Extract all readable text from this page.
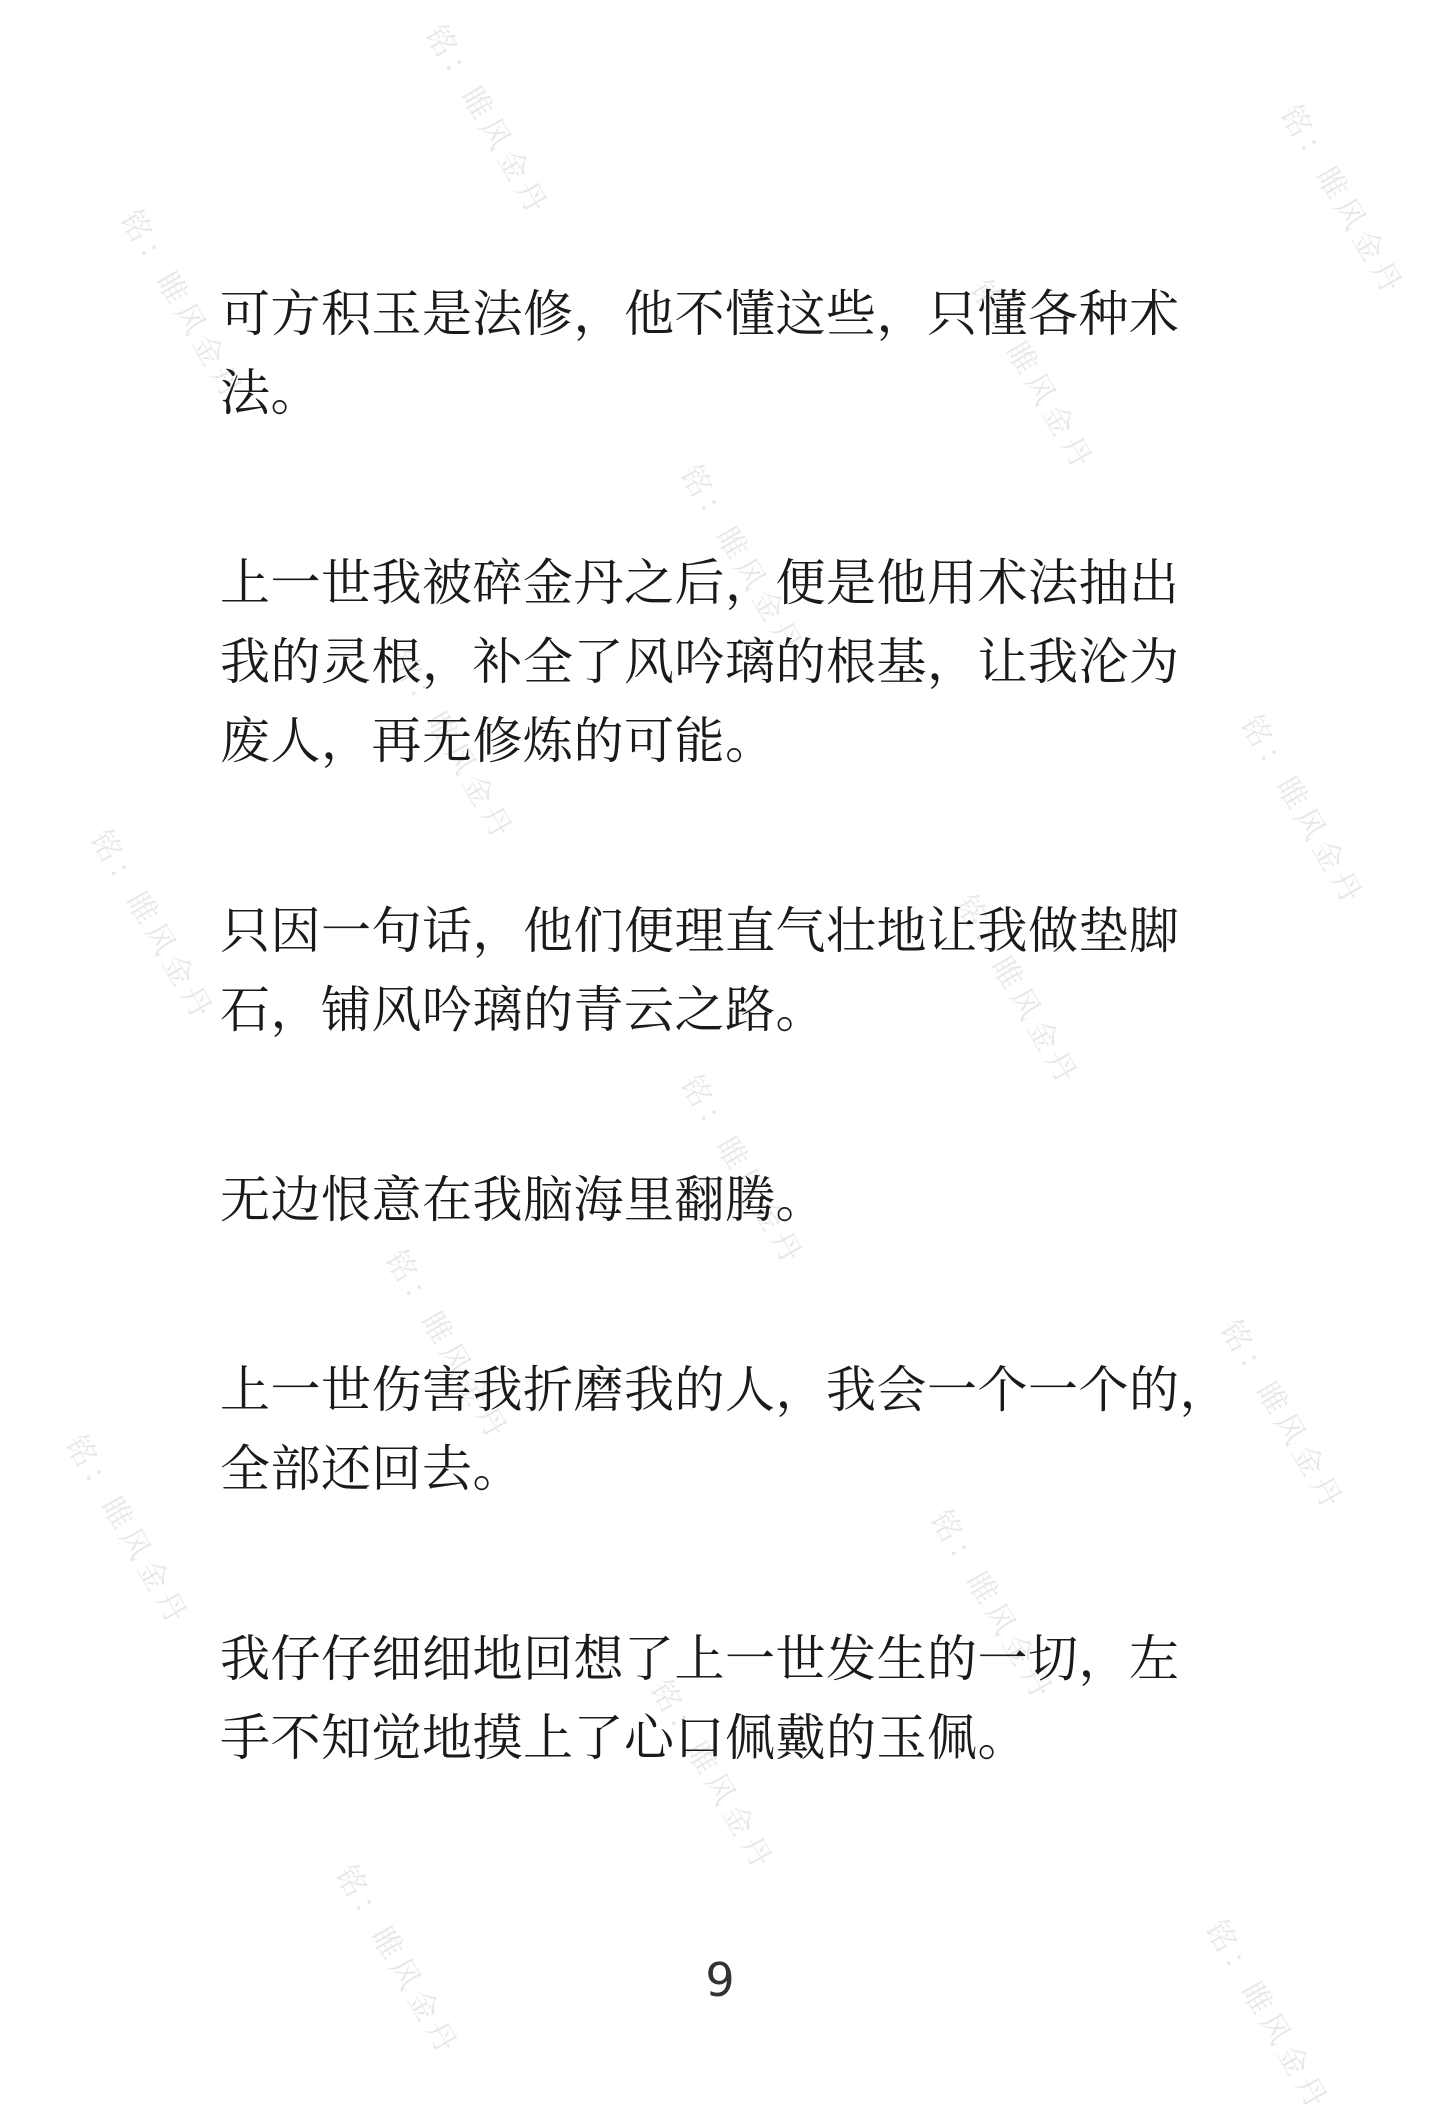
铭：睢风金丹	铭：睢风金丹
铭：睢风金丹	铭：睢风金丹
铭：睢风金丹
铭：睢风金丹	铭：睢风金丹
铭：睢风金丹	铭：睢风金丹
铭：睢风金丹
铭：睢风金丹	铭：睢风金丹
铭：睢风金丹	铭：睢风金丹
铭：睢风金丹
铭：睢风金丹	铭：睢风金丹

可方积玉是法修，他不懂这些，只懂各种术
法。

上一世我被碎金丹之后，便是他用术法抽出
我的灵根，补全了风吟璃的根基，让我沦为
废人，再无修炼的可能。

只因一句话，他们便理直气壮地让我做垫脚
石，铺风吟璃的青云之路。

无边恨意在我脑海里翻腾。

上一世伤害我折磨我的人，我会一个一个的，
全部还回去。

我仔仔细细地回想了上一世发生的一切，左
手不知觉地摸上了心口佩戴的玉佩。

9
